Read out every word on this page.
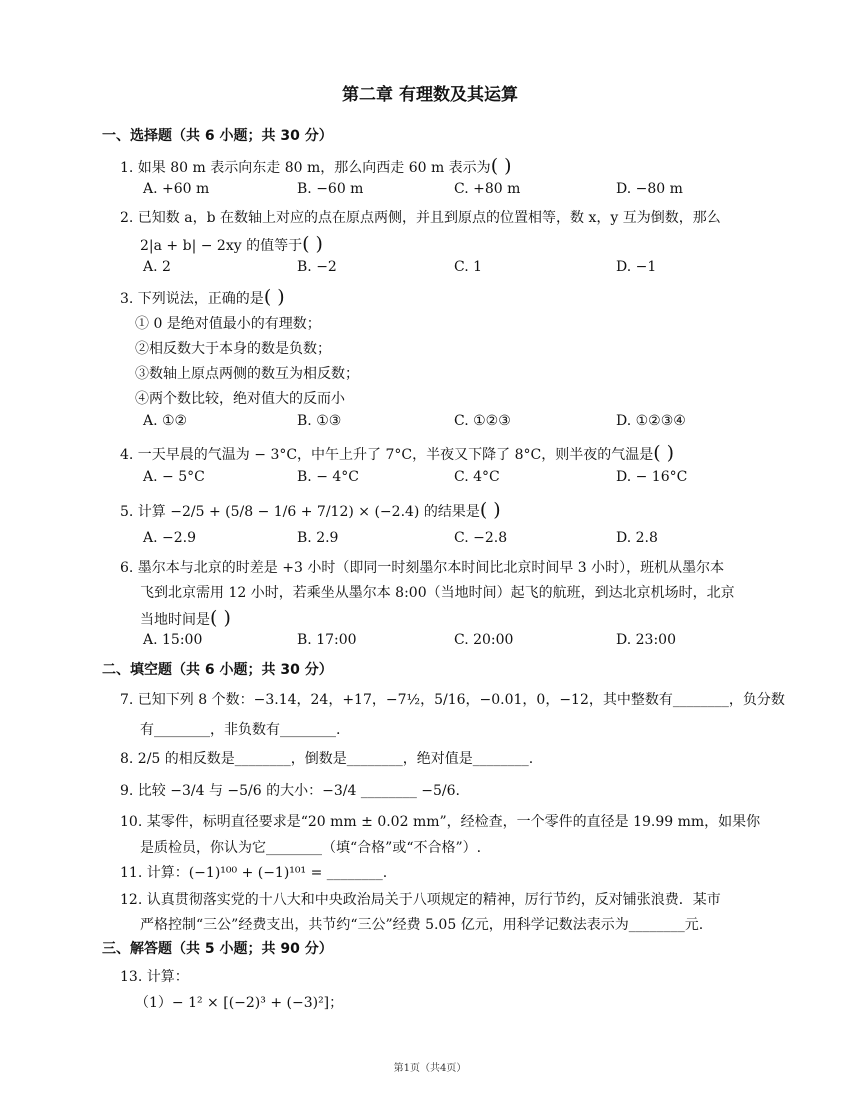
第二章 有理数及其运算
一、选择题（共 6 小题；共 30 分）
1. 如果 80 m 表示向东走 80 m，那么向西走 60 m 表示为( )
A. +60 m	B. −60 m	C. +80 m	D. −80 m
2. 已知数 a，b 在数轴上对应的点在原点两侧，并且到原点的位置相等，数 x，y 互为倒数，那么
2|a + b| − 2xy 的值等于( )
A. 2	B. −2	C. 1	D. −1
3. 下列说法，正确的是( )
① 0 是绝对值最小的有理数；
②相反数大于本身的数是负数；
③数轴上原点两侧的数互为相反数；
④两个数比较，绝对值大的反而小
A. ①②	B. ①③	C. ①②③	D. ①②③④
4. 一天早晨的气温为 − 3°C，中午上升了 7°C，半夜又下降了 8°C，则半夜的气温是( )
A. − 5°C	B. − 4°C	C. 4°C	D. − 16°C
5. 计算 −2/5 + (5/8 − 1/6 + 7/12) × (−2.4) 的结果是( )
A. −2.9	B. 2.9	C. −2.8	D. 2.8
6. 墨尔本与北京的时差是 +3 小时（即同一时刻墨尔本时间比北京时间早 3 小时），班机从墨尔本
飞到北京需用 12 小时，若乘坐从墨尔本 8:00（当地时间）起飞的航班，到达北京机场时，北京
当地时间是( )
A. 15:00	B. 17:00	C. 20:00	D. 23:00
二、填空题（共 6 小题；共 30 分）
7. 已知下列 8 个数：−3.14，24，+17，−7½，5/16，−0.01，0，−12，其中整数有________，负分数
有________，非负数有________.
8. 2/5 的相反数是________，倒数是________，绝对值是________.
9. 比较 −3/4 与 −5/6 的大小：−3/4 ________ −5/6.
10. 某零件，标明直径要求是“20 mm ± 0.02 mm”，经检查，一个零件的直径是 19.99 mm，如果你
是质检员，你认为它________（填“合格”或“不合格”）.
11. 计算：(−1)¹⁰⁰ + (−1)¹⁰¹ = ________.
12. 认真贯彻落实党的十八大和中央政治局关于八项规定的精神，厉行节约，反对铺张浪费．某市
严格控制“三公”经费支出，共节约“三公”经费 5.05 亿元，用科学记数法表示为________元.
三、解答题（共 5 小题；共 90 分）
13. 计算：
（1）− 1² × [(−2)³ + (−3)²]；
第1页（共4页）
